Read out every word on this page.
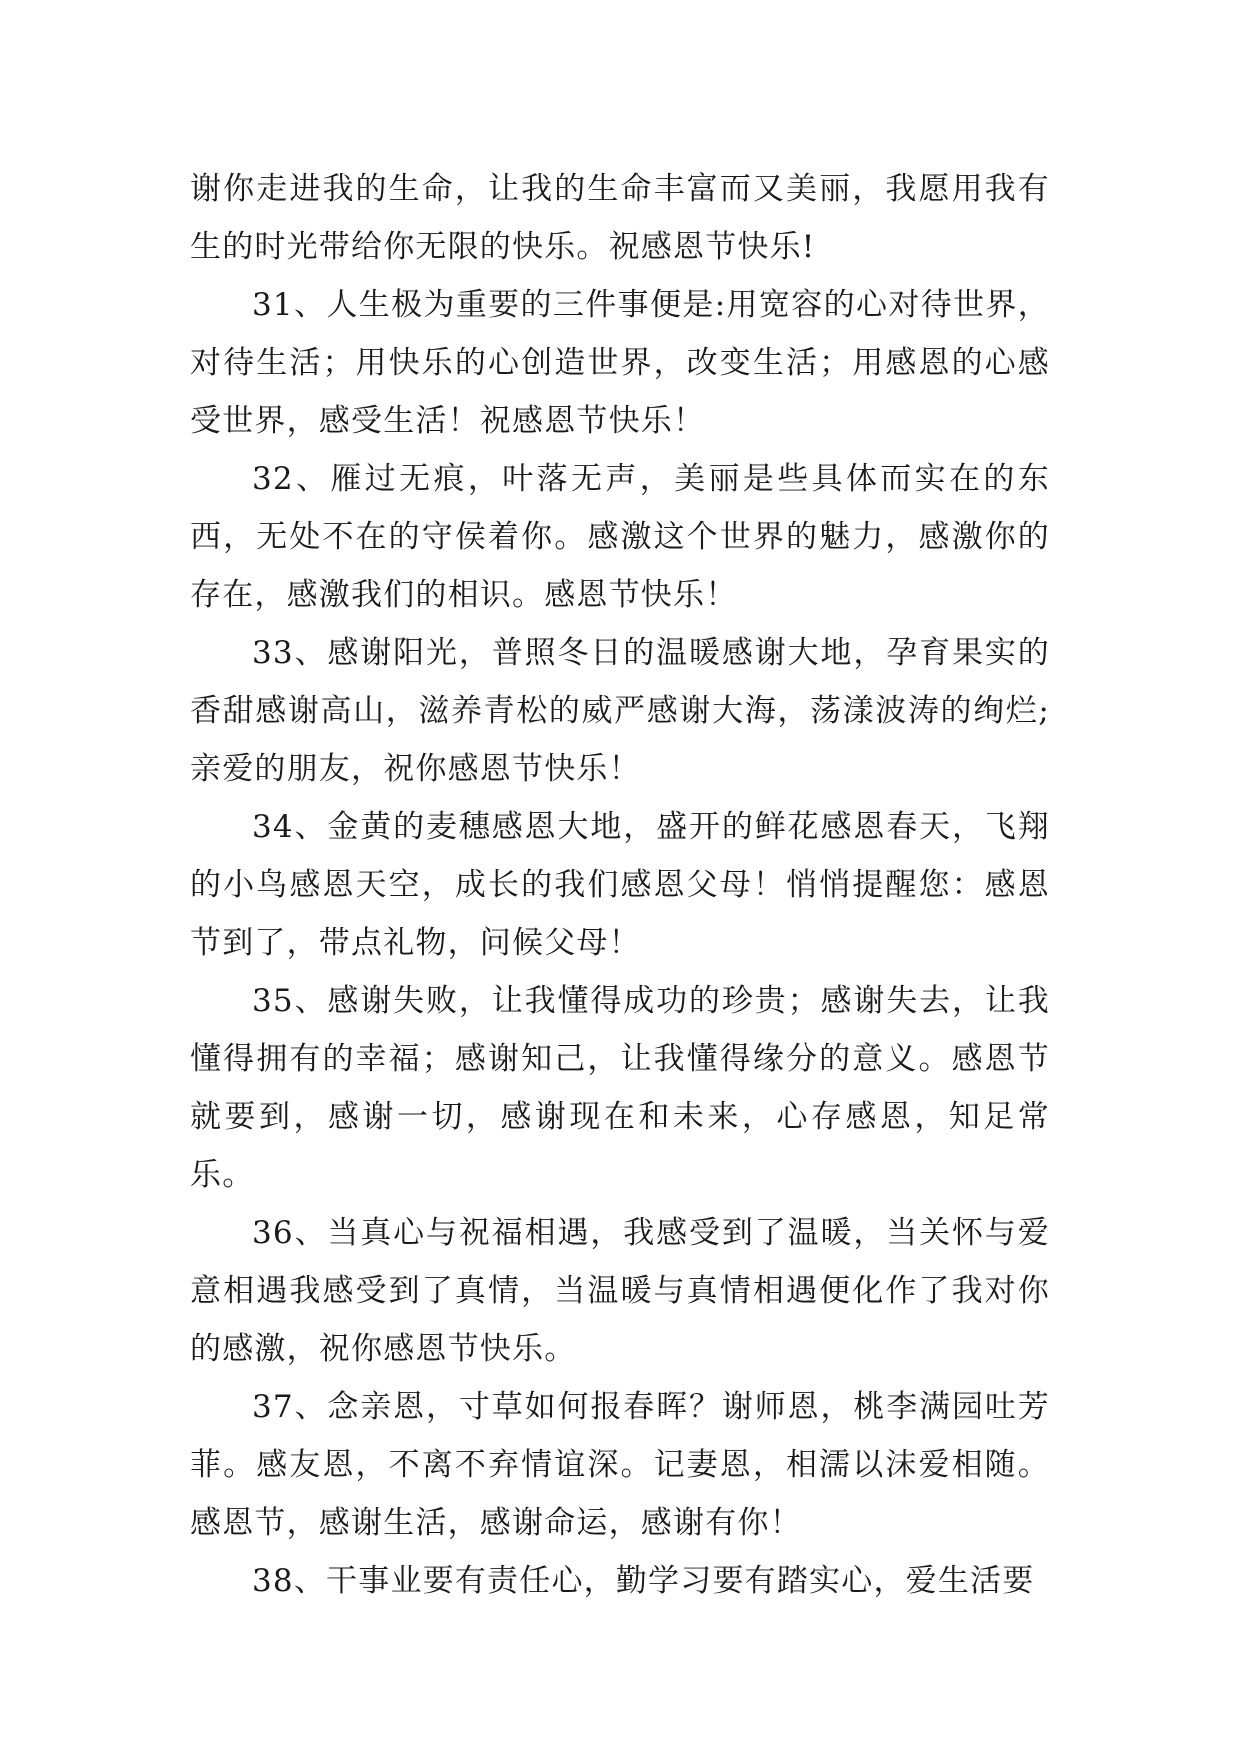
谢你走进我的生命，让我的生命丰富而又美丽，我愿用我有生的时光带给你无限的快乐。祝感恩节快乐!

31、人生极为重要的三件事便是:用宽容的心对待世界，对待生活；用快乐的心创造世界，改变生活；用感恩的心感受世界，感受生活！祝感恩节快乐！

32、雁过无痕，叶落无声，美丽是些具体而实在的东西，无处不在的守侯着你。感激这个世界的魅力，感激你的存在，感激我们的相识。感恩节快乐！

33、感谢阳光，普照冬日的温暖感谢大地，孕育果实的香甜感谢高山，滋养青松的威严感谢大海，荡漾波涛的绚烂;亲爱的朋友，祝你感恩节快乐！

34、金黄的麦穗感恩大地，盛开的鲜花感恩春天，飞翔的小鸟感恩天空，成长的我们感恩父母！悄悄提醒您：感恩节到了，带点礼物，问候父母！

35、感谢失败，让我懂得成功的珍贵；感谢失去，让我懂得拥有的幸福；感谢知己，让我懂得缘分的意义。感恩节就要到，感谢一切，感谢现在和未来，心存感恩，知足常乐。

36、当真心与祝福相遇，我感受到了温暖，当关怀与爱意相遇我感受到了真情，当温暖与真情相遇便化作了我对你的感激，祝你感恩节快乐。

37、念亲恩，寸草如何报春晖？谢师恩，桃李满园吐芳菲。感友恩，不离不弃情谊深。记妻恩，相濡以沫爱相随。感恩节，感谢生活，感谢命运，感谢有你！

38、干事业要有责任心，勤学习要有踏实心，爱生活要
